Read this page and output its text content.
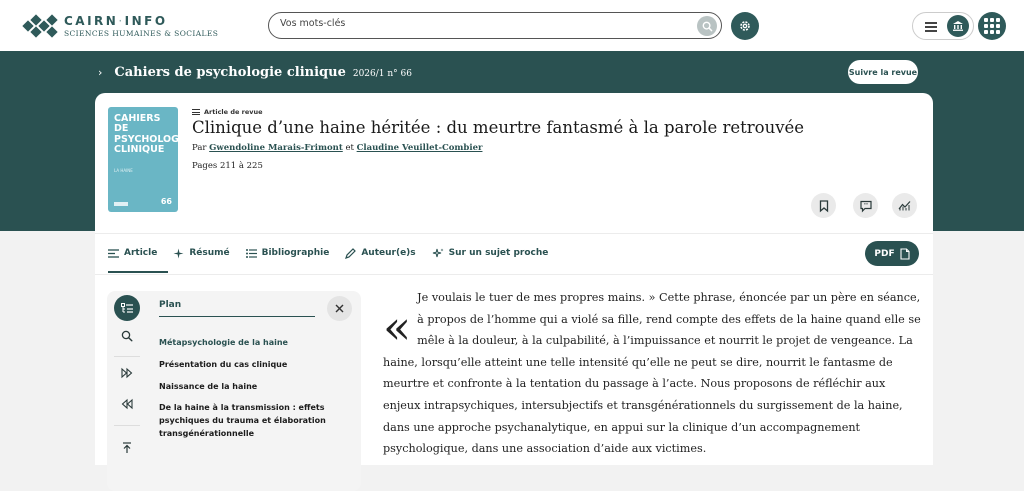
CAIRN·INFO
SCIENCES HUMAINES & SOCIALES
Vos mots-clés
› Cahiers de psychologie clinique 2026/1 n° 66	Suivre la revue
CAHIERS DE PSYCHOLOGIE CLINIQUE
LA HAINE
66
Article de revue
Clinique d’une haine héritée : du meurtre fantasmé à la parole retrouvée
Par Gwendoline Marais-Frimont et Claudine Veuillet-Combier
Pages 211 à 225
" "
Article	Résumé	Bibliographie	Auteur(e)s	Sur un sujet proche	PDF
Plan
Métapsychologie de la haine
Présentation du cas clinique
Naissance de la haine
De la haine à la transmission : effets psychiques du trauma et élaboration transgénérationnelle
«

Je voulais le tuer de mes propres mains. » Cette phrase, énoncée par un père en séance, à propos de l’homme qui a violé sa fille, rend compte des effets de la haine quand elle se mêle à la douleur, à la culpabilité, à l’impuissance et nourrit le projet de vengeance. La haine, lorsqu’elle atteint une telle intensité qu’elle ne peut se dire, nourrit le fantasme de meurtre et confronte à la tentation du passage à l’acte. Nous proposons de réfléchir aux enjeux intrapsychiques, intersubjectifs et transgénérationnels du surgissement de la haine, dans une approche psychanalytique, en appui sur la clinique d’un accompagnement psychologique, dans une association d’aide aux victimes.
